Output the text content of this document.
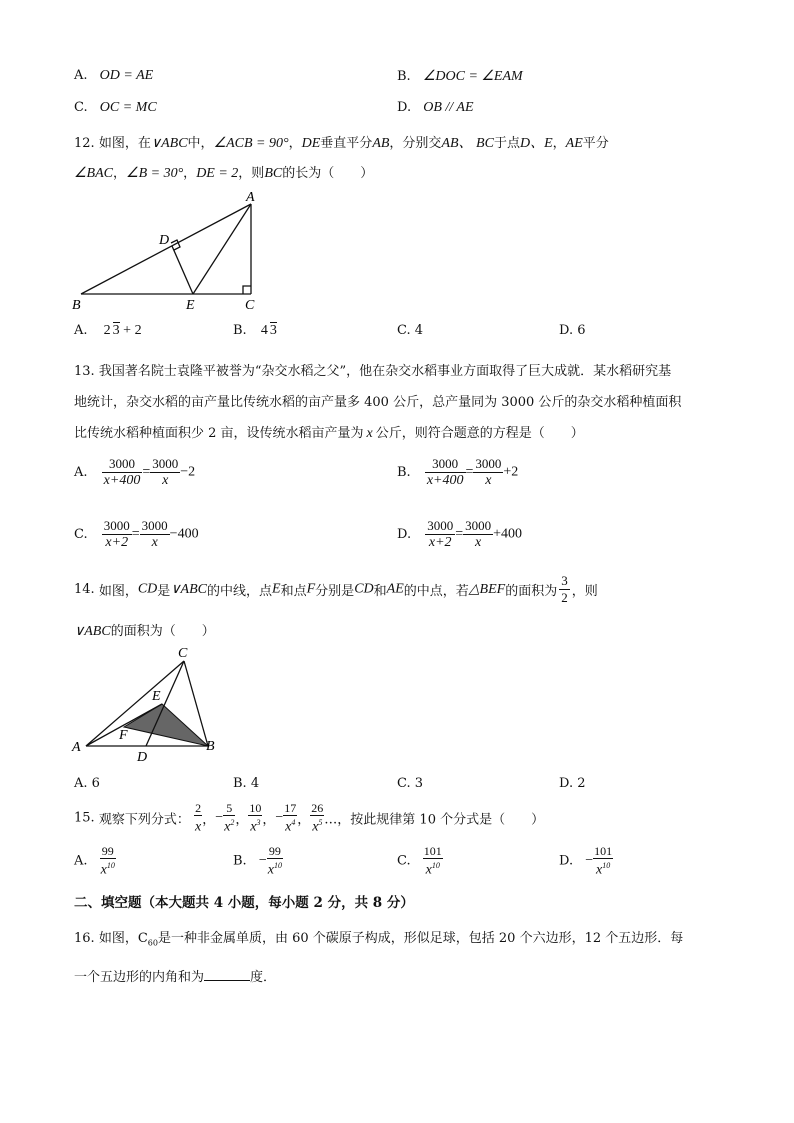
A. OD = AE	B. ∠DOC = ∠EAM
C. OC = MC	D. OB // AE
12. 如图，在∨ABC中，∠ACB = 90°，DE垂直平分AB，分别交AB、 BC于点D、E，AE平分
∠BAC，∠B = 30°，DE = 2，则BC的长为（　　）
A
D
B	E	C
A. 2 3 + 2	B. 4 3	C. 4	D. 6
13. 我国著名院士袁隆平被誉为“杂交水稻之父”，他在杂交水稻事业方面取得了巨大成就．某水稻研究基
地统计，杂交水稻的亩产量比传统水稻的亩产量多 400 公斤，总产量同为 3000 公斤的杂交水稻种植面积
比传统水稻种植面积少 2 亩，设传统水稻亩产量为 x 公斤，则符合题意的方程是（　　）
A. $\frac{3000}{x+400} = \frac{3000}{x} -2$	B. $\frac{3000}{x+400} = \frac{3000}{x} +2$
C. $\frac{3000}{x+2} = \frac{3000}{x} -400$	D. $\frac{3000}{x+2} = \frac{3000}{x} +400$
14. 如图，CD是∨ABC的中线，点E和点F分别是CD和AE的中点，若△BEF的面积为 $\frac{3}{2}$ ，则
∨ABC的面积为（　　）
C
E
F
A
D
B
A. 6	B. 4	C. 3	D. 2
15. 观察下列分式： $\frac{2}{x}$ ，− $\frac{5}{x^2}$ ， $\frac{10}{x^3}$ ，− $\frac{17}{x^4}$ ， $\frac{26}{x^5}$ …，按此规律第 10 个分式是（　　）
A. $\frac{99}{x^{10}}$	B. − $\frac{99}{x^{10}}$	C. $\frac{101}{x^{10}}$	D. − $\frac{101}{x^{10}}$
二、填空题（本大题共 4 小题，每小题 2 分，共 8 分）
16. 如图，$C_{60}$是一种非金属单质，由 60 个碳原子构成，形似足球，包括 20 个六边形，12 个五边形．每
一个五边形的内角和为	度．
